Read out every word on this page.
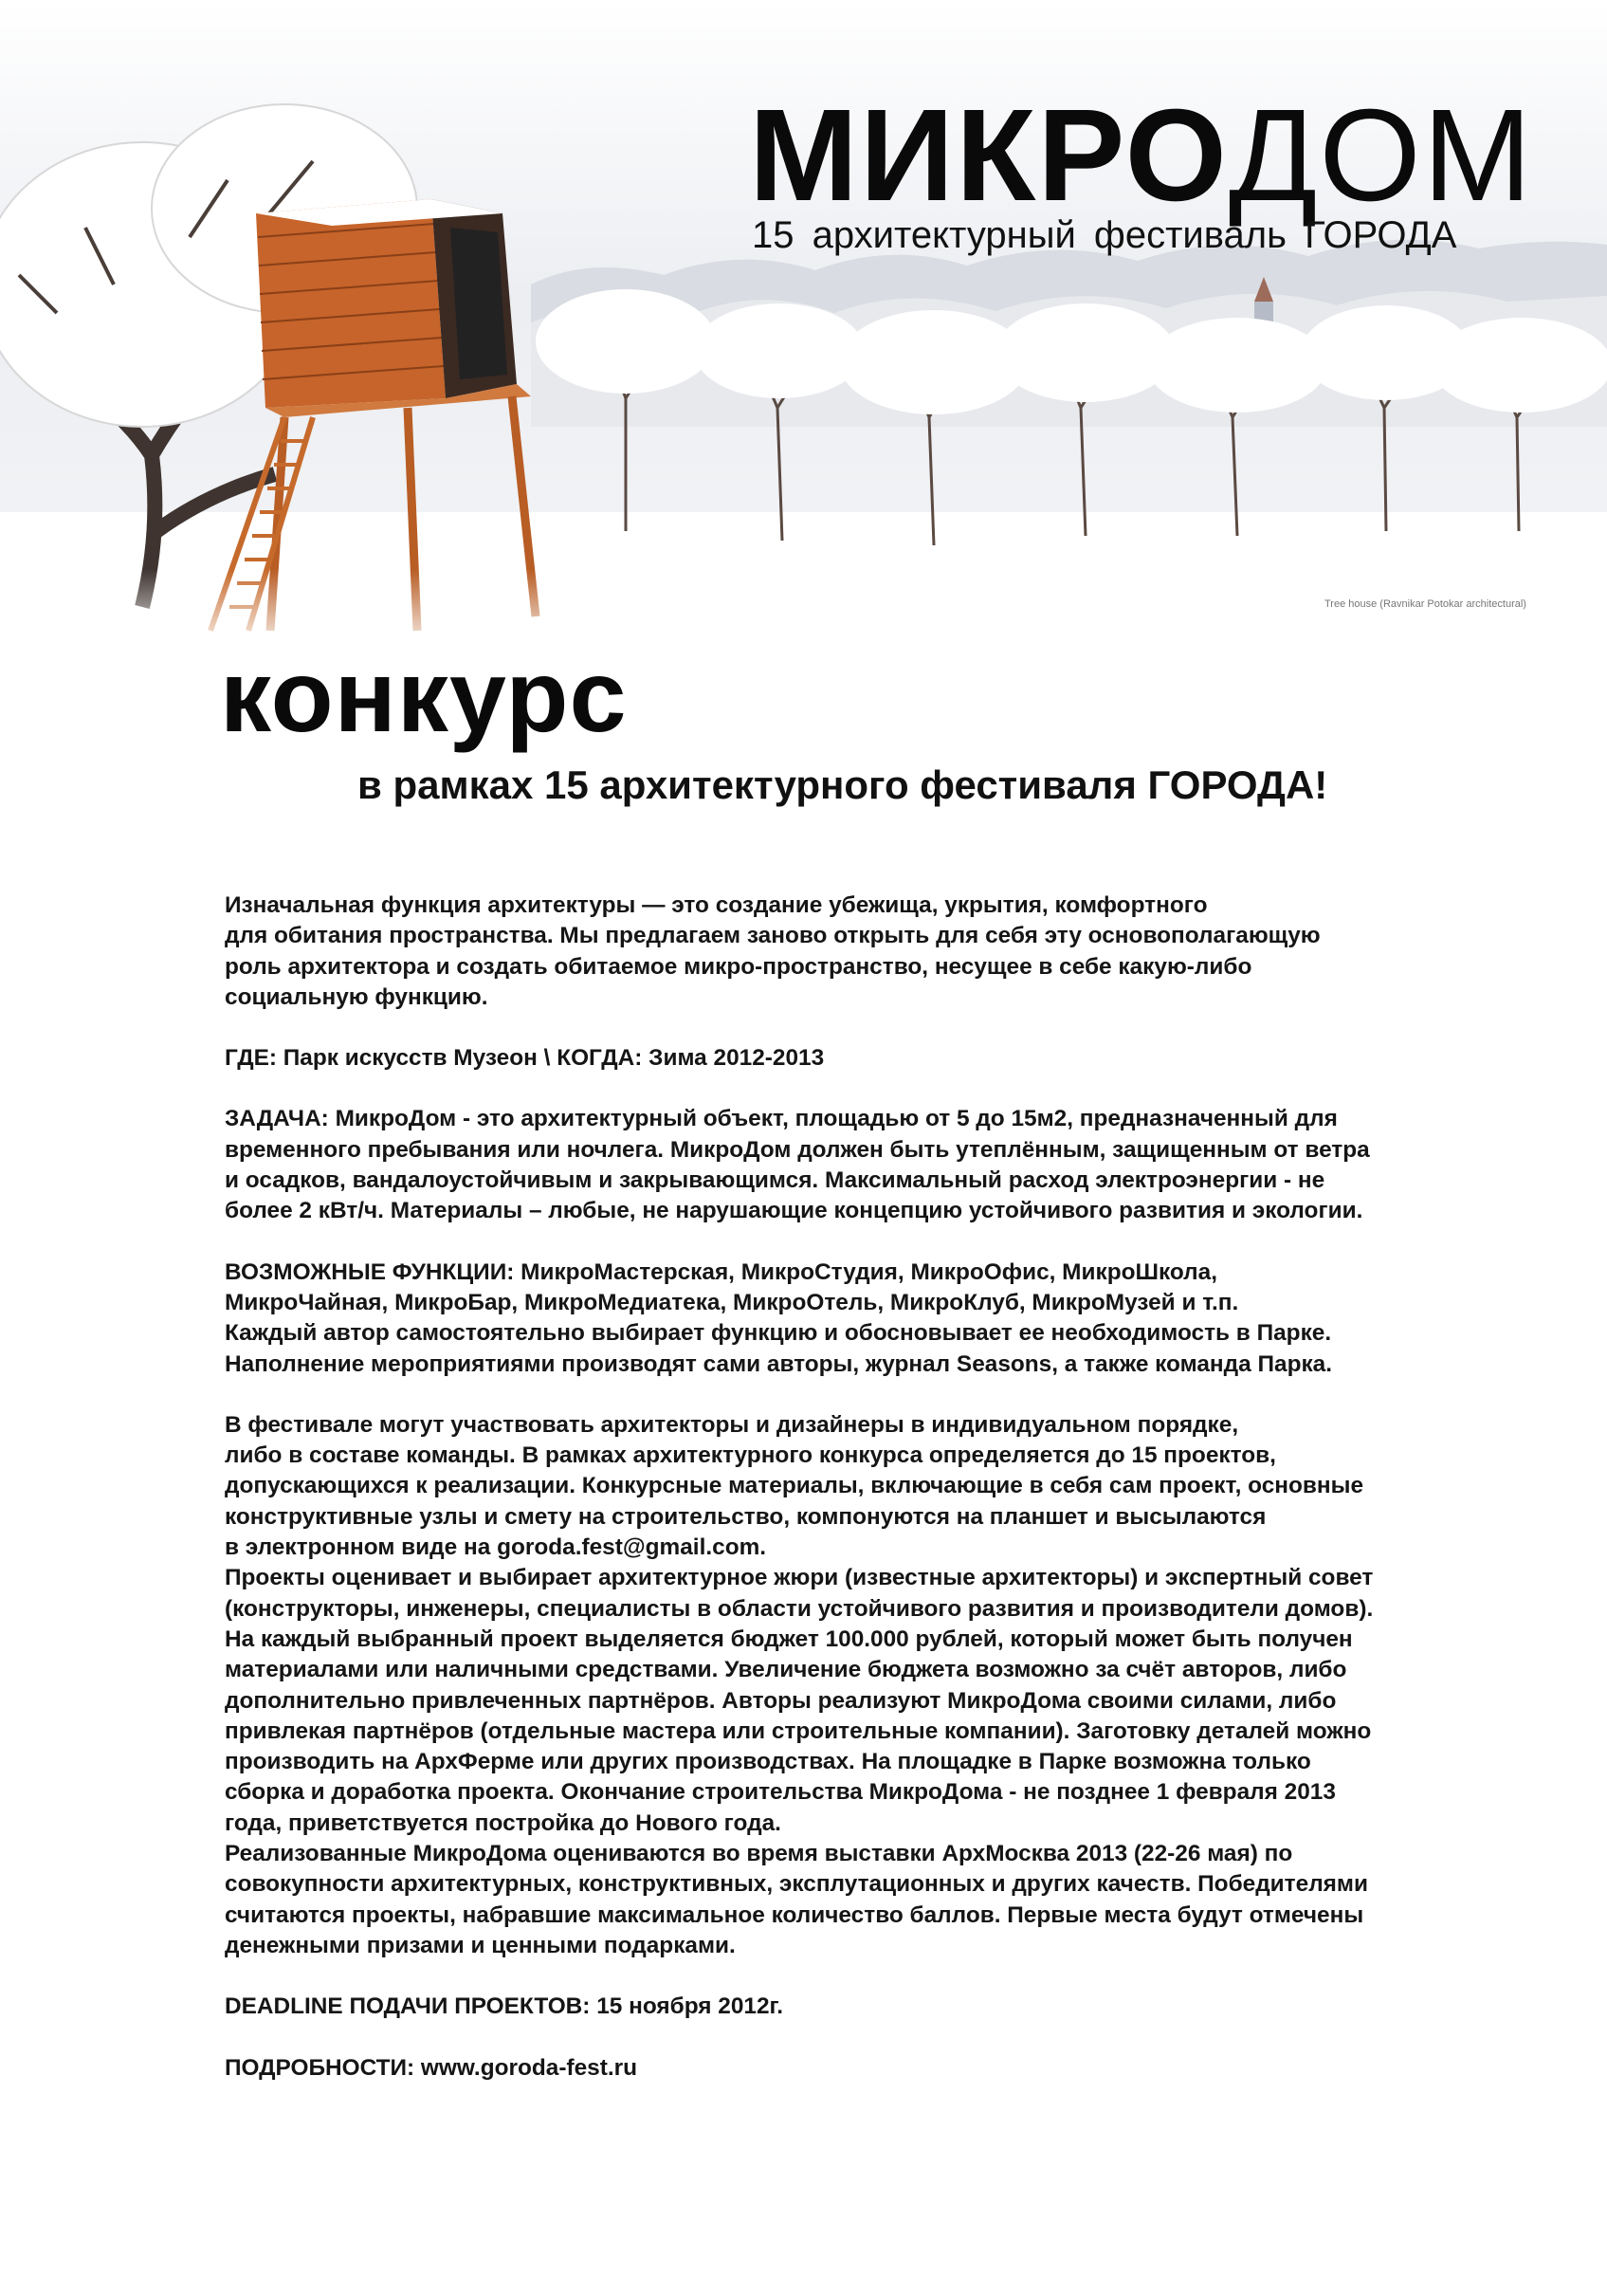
МИКРОДОМ
15 архитектурный фестиваль ГОРОДА
Tree house (Ravnikar Potokar architectural)
конкурс
в рамках 15 архитектурного фестиваля ГОРОДА!

Изначальная функция архитектуры — это создание убежища, укрытия, комфортного

для обитания пространства. Мы предлагаем заново открыть для себя эту основополагающую

роль архитектора и создать обитаемое микро-пространство, несущее в себе какую-либо

социальную функцию.

ГДЕ: Парк искусств Музеон \ КОГДА: Зима 2012-2013

ЗАДАЧА: МикроДом - это архитектурный объект, площадью от 5 до 15м2, предназначенный для

временного пребывания или ночлега. МикроДом должен быть утеплённым, защищенным от ветра

и осадков, вандалоустойчивым и закрывающимся. Максимальный расход электроэнергии - не

более 2 кВт/ч. Материалы – любые, не нарушающие концепцию устойчивого развития и экологии.

ВОЗМОЖНЫЕ ФУНКЦИИ: МикроМастерская, МикроСтудия, МикроОфис, МикроШкола,

МикроЧайная, МикроБар, МикроМедиатека, МикроОтель, МикроКлуб, МикроМузей и т.п.

Каждый автор самостоятельно выбирает функцию и обосновывает ее необходимость в Парке.

Наполнение мероприятиями производят сами авторы, журнал Seasons, а также команда Парка.

В фестивале могут участвовать архитекторы и дизайнеры в индивидуальном порядке,

либо в составе команды. В рамках архитектурного конкурса определяется до 15 проектов,

допускающихся к реализации. Конкурсные материалы, включающие в себя сам проект, основные

конструктивные узлы и смету на строительство, компонуются на планшет и высылаются

в электронном виде на goroda.fest@gmail.com.

Проекты оценивает и выбирает архитектурное жюри (известные архитекторы) и экспертный совет

(конструкторы, инженеры, специалисты в области устойчивого развития и производители домов).

На каждый выбранный проект выделяется бюджет 100.000 рублей, который может быть получен

материалами или наличными средствами. Увеличение бюджета возможно за счёт авторов, либо

дополнительно привлеченных партнёров. Авторы реализуют МикроДома своими силами, либо

привлекая партнёров (отдельные мастера или строительные компании). Заготовку деталей можно

производить на АрхФерме или других производствах. На площадке в Парке возможна только

сборка и доработка проекта. Окончание строительства МикроДома - не позднее 1 февраля 2013

года, приветствуется постройка до Нового года.

Реализованные МикроДома оцениваются во время выставки АрхМосква 2013 (22-26 мая) по

совокупности архитектурных, конструктивных, эксплутационных и других качеств. Победителями

считаются проекты, набравшие максимальное количество баллов. Первые места будут отмечены

денежными призами и ценными подарками.

DEADLINE ПОДАЧИ ПРОЕКТОВ: 15 ноября 2012г.

ПОДРОБНОСТИ: www.goroda-fest.ru
